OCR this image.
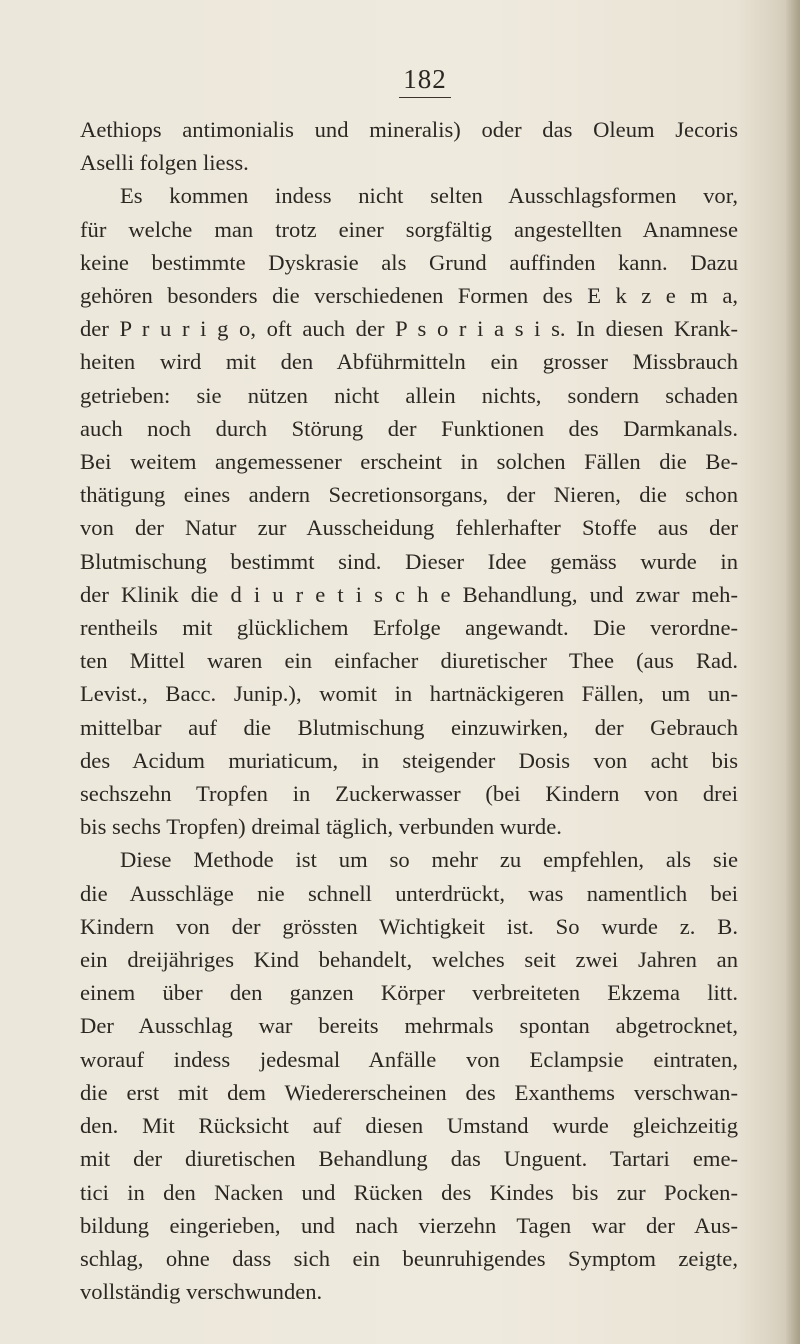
182
Aethiops antimonialis und mineralis) oder das Oleum Jecoris
Aselli folgen liess.
Es kommen indess nicht selten Ausschlagsformen vor,
für welche man trotz einer sorgfältig angestellten Anamnese
keine bestimmte Dyskrasie als Grund auffinden kann. Dazu
gehören besonders die verschiedenen Formen des E k z e m a,
der P r u r i g o, oft auch der P s o r i a s i s. In diesen Krank-
heiten wird mit den Abführmitteln ein grosser Missbrauch
getrieben: sie nützen nicht allein nichts, sondern schaden
auch noch durch Störung der Funktionen des Darmkanals.
Bei weitem angemessener erscheint in solchen Fällen die Be-
thätigung eines andern Secretionsorgans, der Nieren, die schon
von der Natur zur Ausscheidung fehlerhafter Stoffe aus der
Blutmischung bestimmt sind. Dieser Idee gemäss wurde in
der Klinik die d i u r e t i s c h e Behandlung, und zwar meh-
rentheils mit glücklichem Erfolge angewandt. Die verordne-
ten Mittel waren ein einfacher diuretischer Thee (aus Rad.
Levist., Bacc. Junip.), womit in hartnäckigeren Fällen, um un-
mittelbar auf die Blutmischung einzuwirken, der Gebrauch
des Acidum muriaticum, in steigender Dosis von acht bis
sechszehn Tropfen in Zuckerwasser (bei Kindern von drei
bis sechs Tropfen) dreimal täglich, verbunden wurde.
Diese Methode ist um so mehr zu empfehlen, als sie
die Ausschläge nie schnell unterdrückt, was namentlich bei
Kindern von der grössten Wichtigkeit ist. So wurde z. B.
ein dreijähriges Kind behandelt, welches seit zwei Jahren an
einem über den ganzen Körper verbreiteten Ekzema litt.
Der Ausschlag war bereits mehrmals spontan abgetrocknet,
worauf indess jedesmal Anfälle von Eclampsie eintraten,
die erst mit dem Wiedererscheinen des Exanthems verschwan-
den. Mit Rücksicht auf diesen Umstand wurde gleichzeitig
mit der diuretischen Behandlung das Unguent. Tartari eme-
tici in den Nacken und Rücken des Kindes bis zur Pocken-
bildung eingerieben, und nach vierzehn Tagen war der Aus-
schlag, ohne dass sich ein beunruhigendes Symptom zeigte,
vollständig verschwunden.
